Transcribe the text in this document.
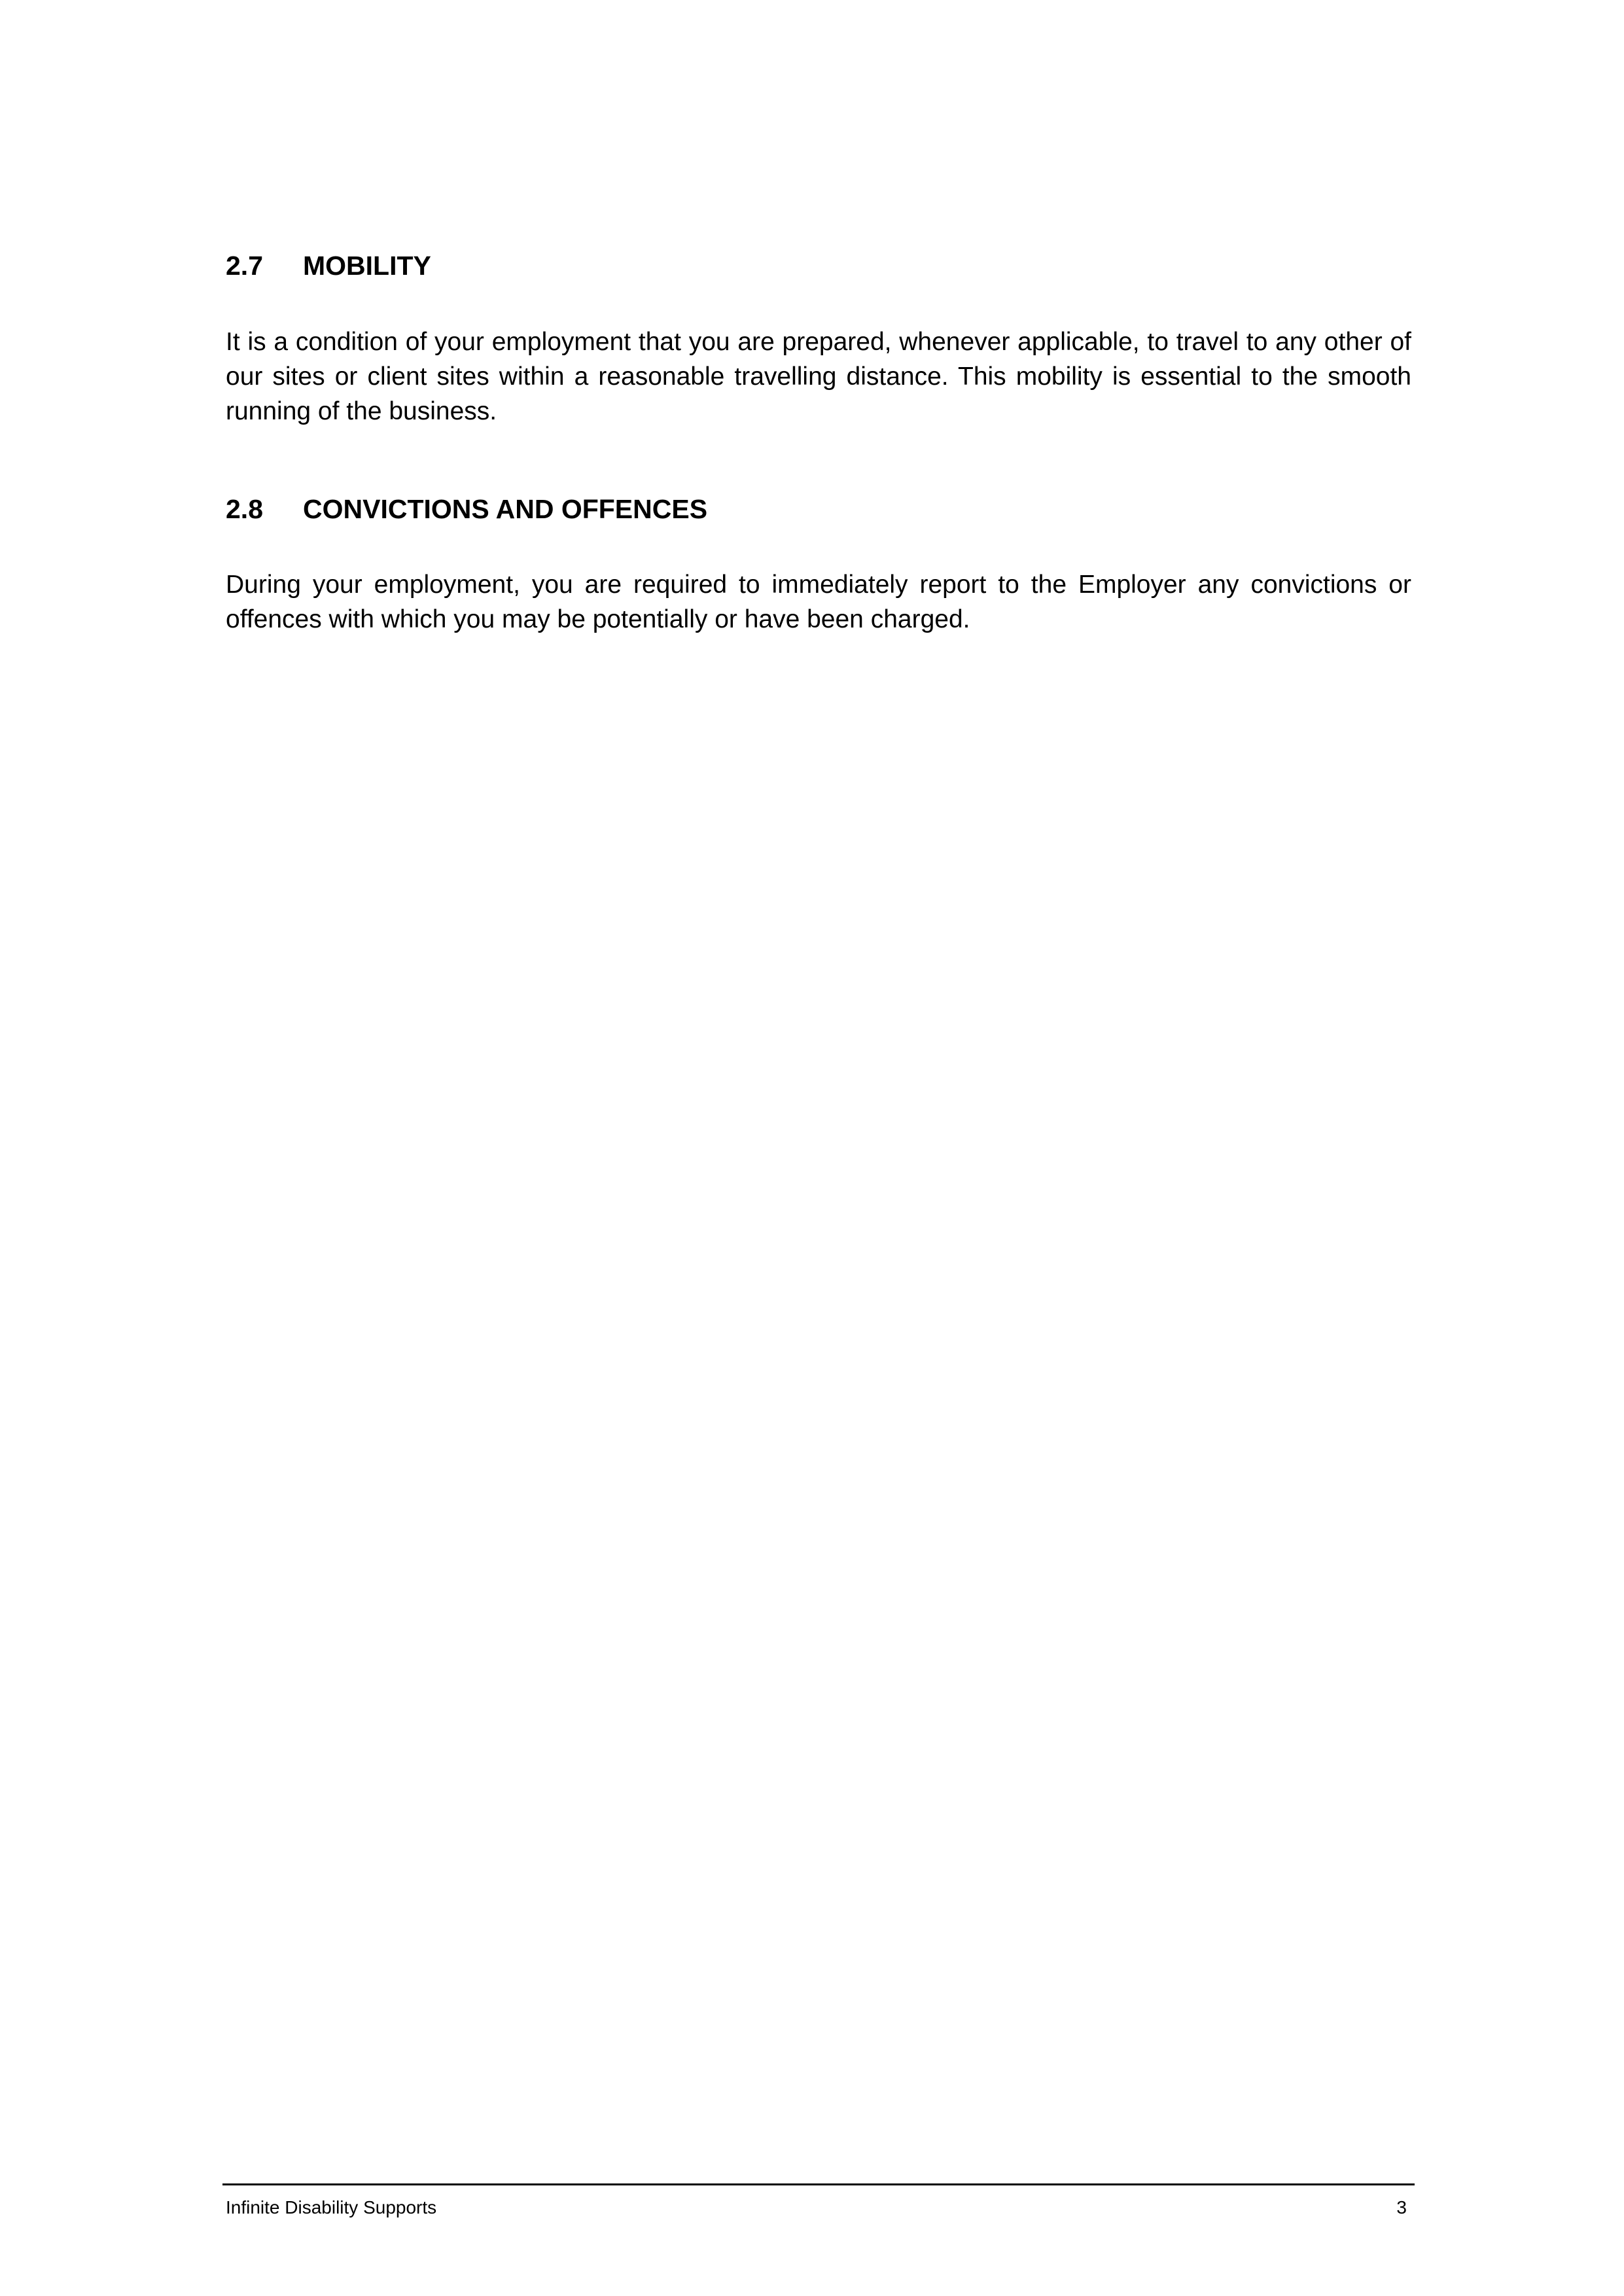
2.7 MOBILITY

It is a condition of your employment that you are prepared, whenever applicable, to travel to any other of our sites or client sites within a reasonable travelling distance. This mobility is essential to the smooth running of the business.

2.8 CONVICTIONS AND OFFENCES

During your employment, you are required to immediately report to the Employer any convictions or offences with which you may be potentially or have been charged.

Infinite Disability Supports	3
